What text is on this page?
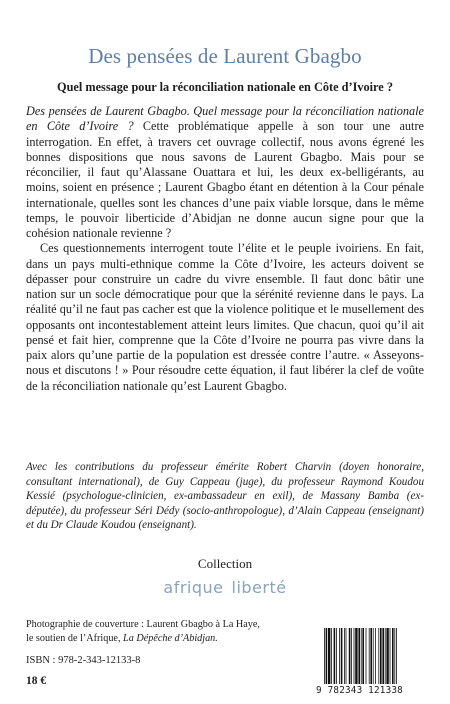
Des pensées de Laurent Gbagbo
Quel message pour la réconciliation nationale en Côte d’Ivoire ?

Des pensées de Laurent Gbagbo. Quel message pour la réconciliation nationale en Côte d’Ivoire ? Cette problématique appelle à son tour une autre interrogation. En effet, à travers cet ouvrage collectif, nous avons égrené les bonnes dispositions que nous savons de Laurent Gbagbo. Mais pour se réconcilier, il faut qu’Alassane Ouattara et lui, les deux ex-belligérants, au moins, soient en présence ; Laurent Gbagbo étant en détention à la Cour pénale internationale, quelles sont les chances d’une paix viable lorsque, dans le même temps, le pouvoir liberticide d’Abidjan ne donne aucun signe pour que la cohésion nationale revienne ?

Ces questionnements interrogent toute l’élite et le peuple ivoiriens. En fait, dans un pays multi-ethnique comme la Côte d’Ivoire, les acteurs doivent se dépasser pour construire un cadre du vivre ensemble. Il faut donc bâtir une nation sur un socle démocratique pour que la sérénité revienne dans le pays. La réalité qu’il ne faut pas cacher est que la violence politique et le musellement des opposants ont incontestablement atteint leurs limites. Que chacun, quoi qu’il ait pensé et fait hier, comprenne que la Côte d’Ivoire ne pourra pas vivre dans la paix alors qu’une partie de la population est dressée contre l’autre. « Asseyons-nous et discutons ! » Pour résoudre cette équation, il faut libérer la clef de voûte de la réconciliation nationale qu’est Laurent Gbagbo.

Avec les contributions du professeur émérite Robert Charvin (doyen honoraire, consultant international), de Guy Cappeau (juge), du professeur Raymond Koudou Kessié (psychologue-clinicien, ex-ambassadeur en exil), de Massany Bamba (ex-députée), du professeur Séri Dédy (socio-anthropologue), d’Alain Cappeau (enseignant) et du Dr Claude Koudou (enseignant).
Collection
afrique liberté
Photographie de couverture : Laurent Gbagbo à La Haye,
le soutien de l’Afrique, La Dépêche d’Abidjan.
ISBN : 978-2-343-12133-8
18 €
9 782343 121338
